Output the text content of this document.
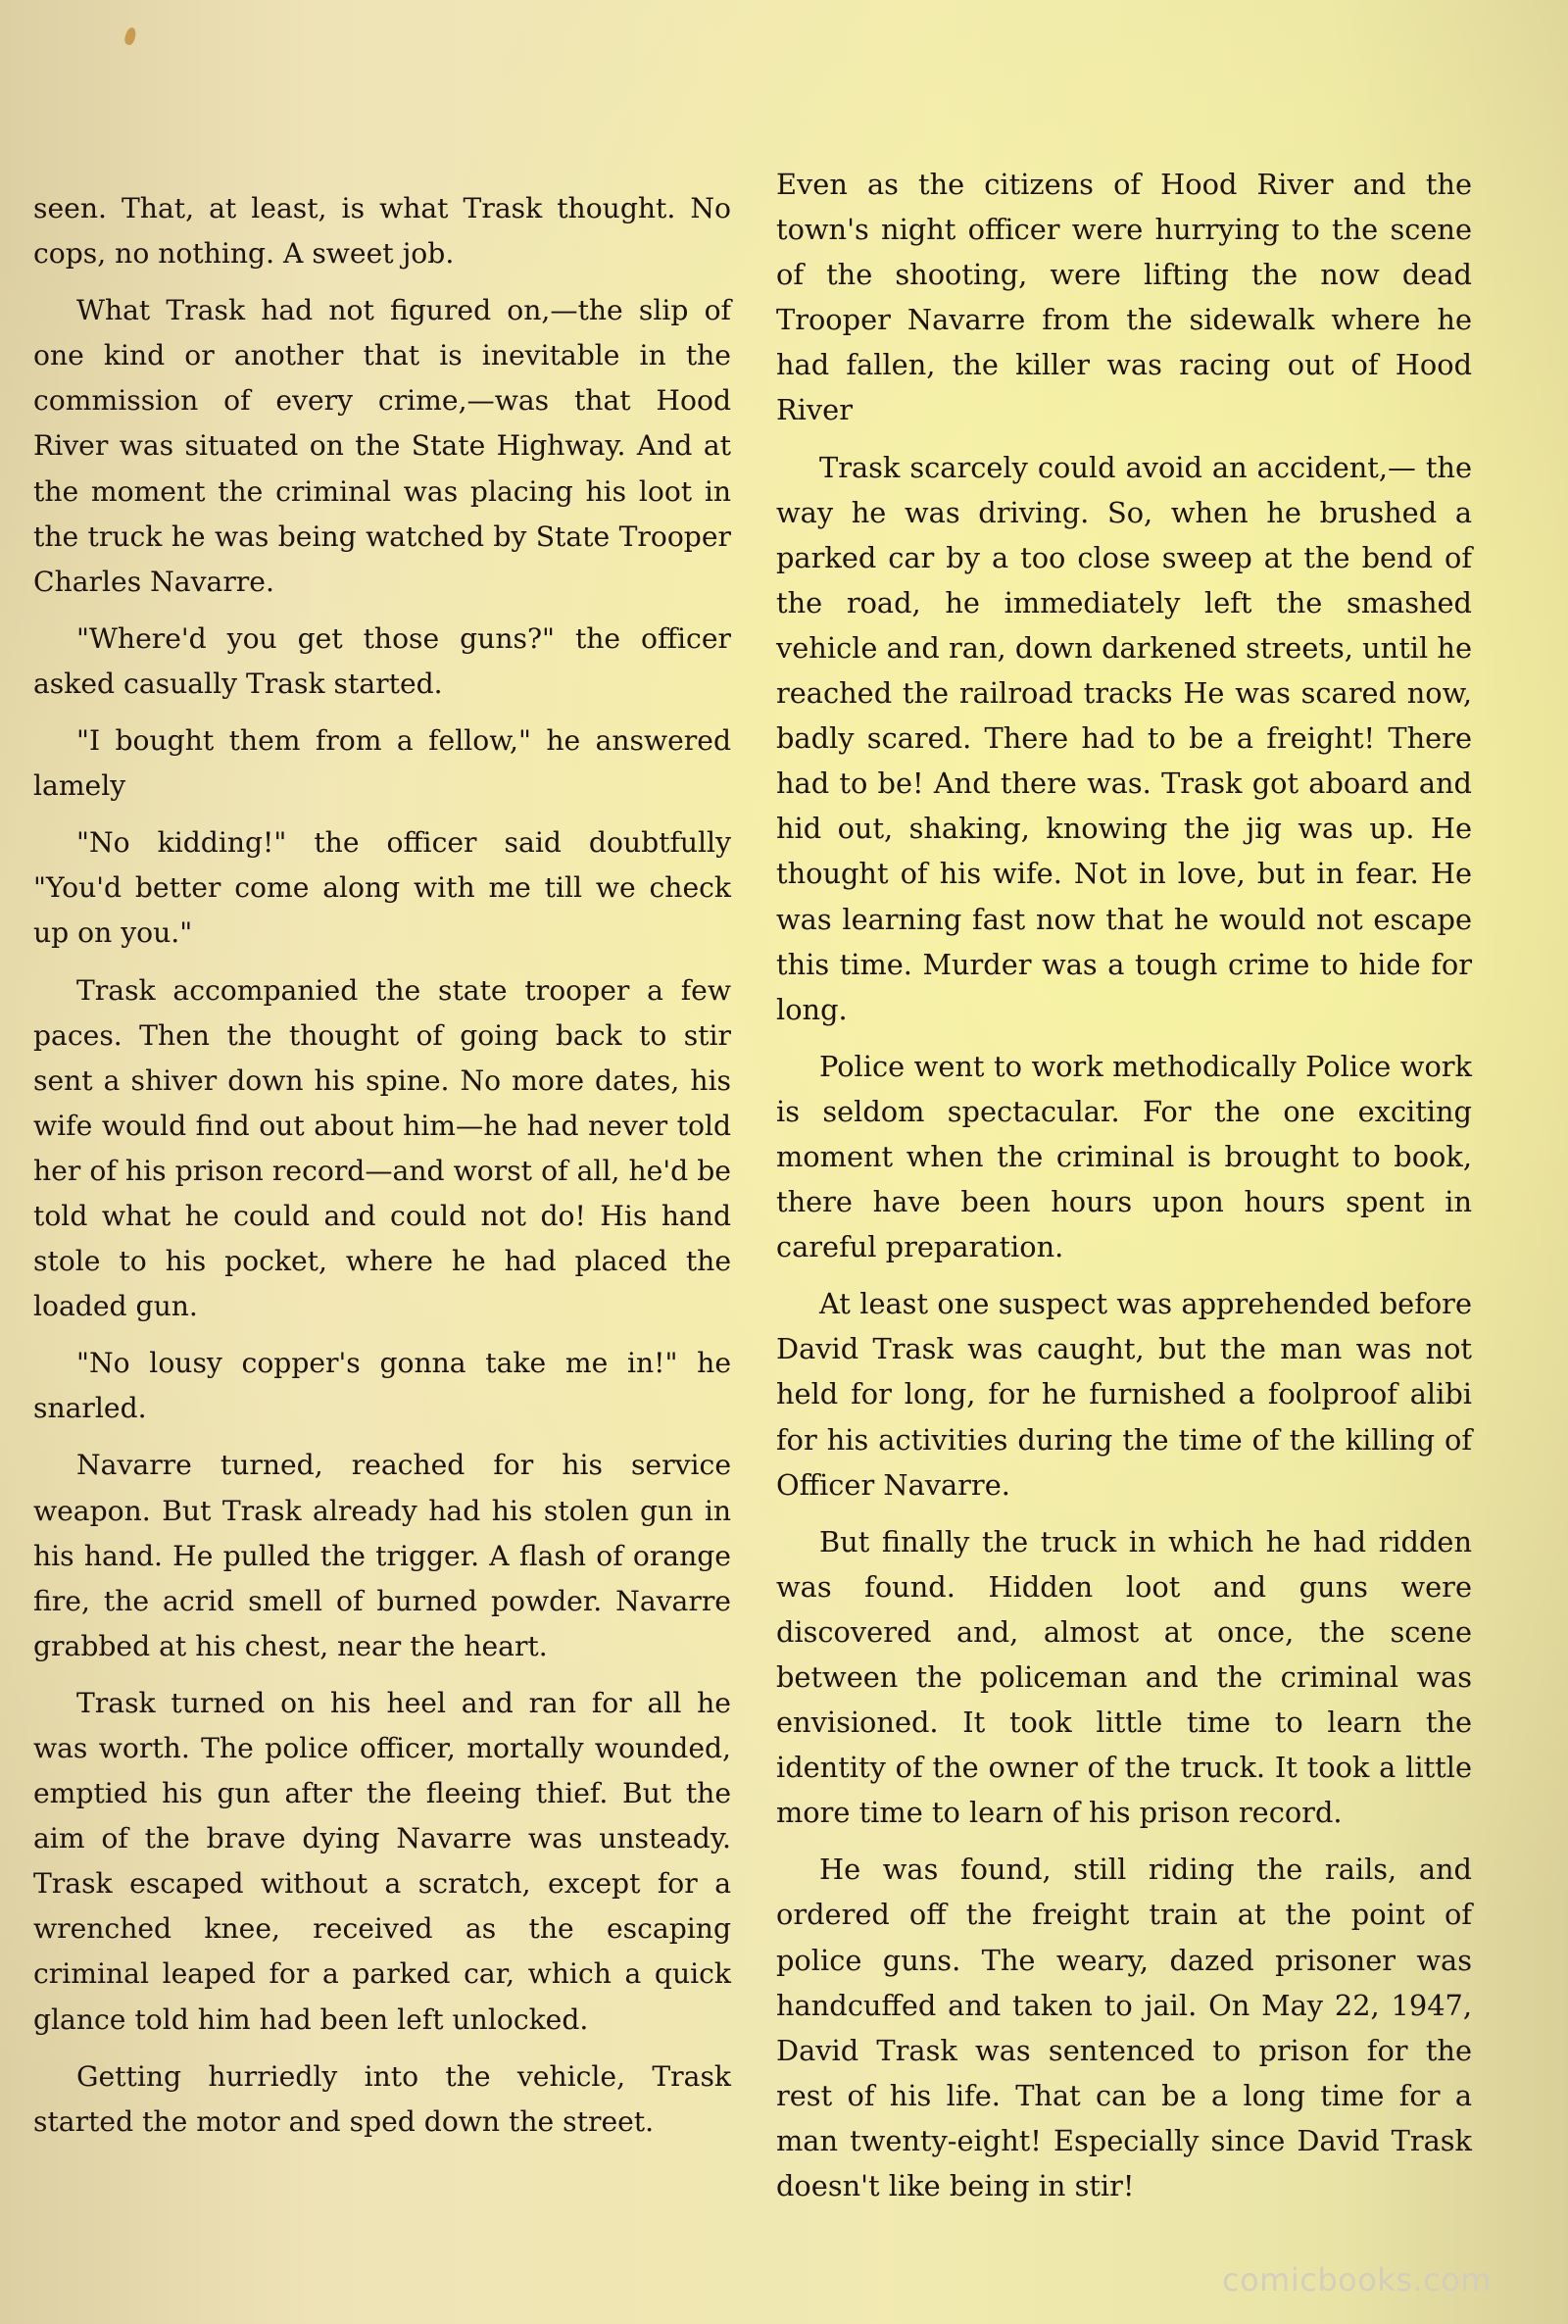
seen. That, at least, is what Trask thought. No cops, no nothing. A sweet job.

What Trask had not figured on,—the slip of one kind or another that is inevitable in the commission of every crime,—was that Hood River was situated on the State Highway. And at the moment the criminal was placing his loot in the truck he was being watched by State Trooper Charles Navarre.

"Where'd you get those guns?" the officer asked casually Trask started.

"I bought them from a fellow," he answered lamely

"No kidding!" the officer said doubtfully "You'd better come along with me till we check up on you."

Trask accompanied the state trooper a few paces. Then the thought of going back to stir sent a shiver down his spine. No more dates, his wife would find out about him—he had never told her of his prison record—and worst of all, he'd be told what he could and could not do! His hand stole to his pocket, where he had placed the loaded gun.

"No lousy copper's gonna take me in!" he snarled.

Navarre turned, reached for his service weapon. But Trask already had his stolen gun in his hand. He pulled the trigger. A flash of orange fire, the acrid smell of burned powder. Navarre grabbed at his chest, near the heart.

Trask turned on his heel and ran for all he was worth. The police officer, mortally wounded, emptied his gun after the fleeing thief. But the aim of the brave dying Navarre was unsteady. Trask escaped without a scratch, except for a wrenched knee, received as the escaping criminal leaped for a parked car, which a quick glance told him had been left unlocked.

Getting hurriedly into the vehicle, Trask started the motor and sped down the street.

Even as the citizens of Hood River and the town's night officer were hurrying to the scene of the shooting, were lifting the now dead Trooper Navarre from the sidewalk where he had fallen, the killer was racing out of Hood River

Trask scarcely could avoid an accident,— the way he was driving. So, when he brushed a parked car by a too close sweep at the bend of the road, he immediately left the smashed vehicle and ran, down darkened streets, until he reached the railroad tracks He was scared now, badly scared. There had to be a freight! There had to be! And there was. Trask got aboard and hid out, shaking, knowing the jig was up. He thought of his wife. Not in love, but in fear. He was learning fast now that he would not escape this time. Murder was a tough crime to hide for long.

Police went to work methodically Police work is seldom spectacular. For the one exciting moment when the criminal is brought to book, there have been hours upon hours spent in careful preparation.

At least one suspect was apprehended before David Trask was caught, but the man was not held for long, for he furnished a foolproof alibi for his activities during the time of the killing of Officer Navarre.

But finally the truck in which he had ridden was found. Hidden loot and guns were discovered and, almost at once, the scene between the policeman and the criminal was envisioned. It took little time to learn the identity of the owner of the truck. It took a little more time to learn of his prison record.

He was found, still riding the rails, and ordered off the freight train at the point of police guns. The weary, dazed prisoner was handcuffed and taken to jail. On May 22, 1947, David Trask was sentenced to prison for the rest of his life. That can be a long time for a man twenty-eight! Especially since David Trask doesn't like being in stir!

comicbooks.com
